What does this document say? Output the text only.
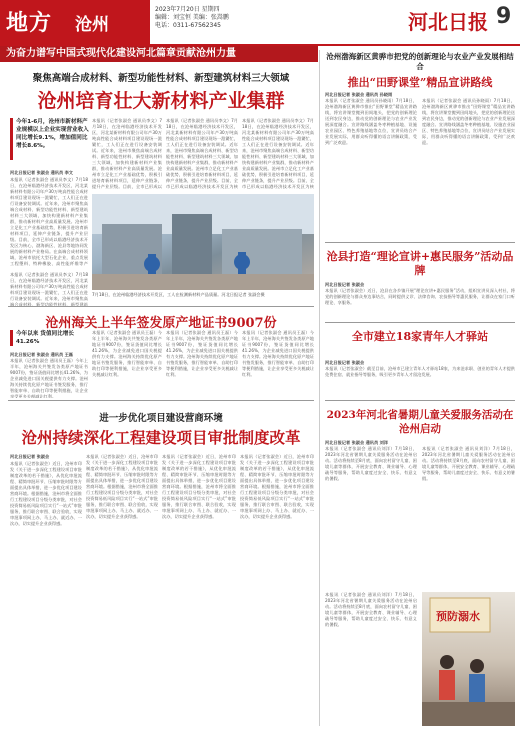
地方 沧州
2023年7月20日 星期四
编辑：刘宝恒 美编：张嵩鹏
电话：0311-67562345	河北日报 9
为奋力谱写中国式现代化建设河北篇章贡献沧州力量
聚焦高端合成材料、新型功能性材料、新型建筑材料三大领域
沧州培育壮大新材料产业集群
今年1-6月，沧州市新材料产业规模以上企业实现营业收入同比增长9.1%，增加值同比增长8.6%。
河北日报记者 张淑会 通讯员 李文
本报讯（记者张淑会 通讯员李文）7月18日，在沧州临港经济技术开发区，河北某新材料有限公司年产30万吨高性能合成材料项目建设现场一派繁忙，工人们正在进行设备安装调试。近年来，沧州市聚焦高端合成材料、新型功能性材料、新型建筑材料三大领域，加快构建新材料产业集群，推动新材料产业高质量发展。沧州市立足化工产业基础优势，积极引进培育新材料项目，延伸产业链条，提升产业层级。目前，全市已形成以临港经济技术开发区为核心，渤海新区、沧县等地协同发展的新材料产业格局。在高端合成材料领域，沧州市依托大型石化企业，重点发展工程塑料、特种橡胶、高性能纤维等产
本报讯（记者张淑会 通讯员李文）7月18日，在沧州临港经济技术开发区，河北某新材料有限公司年产30万吨高性能合成材料项目建设现场一派繁忙，工人们正在进行设备安装调试。近年来，沧州市聚焦高端合成材料、新型功能性材料、新型建筑材料三大领域，加快构建新材料产业集群，推动新材料产业高质量发展。沧州市立足化工产业基础优势，积极引进培育新材料项目，延伸产业链条，提升产业层级。目前，全市已形成以
本报讯（记者张淑会 通讯员李文）7月18日，在沧州临港经济技术开发区，河北某新材料有限公司年产30万吨高性能合成材料项目建设现场一派繁忙，工人们正在进行设备安装调试。近年来，沧州市聚焦高端合成材料、新型功能性材料、新型建筑材料三大领域，加快构建新材料产业集群，推动新材料产业高质量发展。沧州市立足化工产业基础优势，积极引进培育新材料项目，延伸产业链条，提升产业层级。目前，全市已形成以临港经济技术开发区为核
本报讯（记者张淑会 通讯员李文）7月18日，在沧州临港经济技术开发区，河北某新材料有限公司年产30万吨高性能合成材料项目建设现场一派繁忙，工人们正在进行设备安装调试。近年来，沧州市聚焦高端合成材料、新型功能性材料、新型建筑材料三大领域，加快构建新材料产业集群，推动新材料产业高质量发展。沧州市立足化工产业基础优势，积极引进培育新材料项目，延伸产业链条，提升产业层级。目前，全市已形成以临港经济技术开发区为核
7月18日，在沧州临港经济技术开发区，工人在检测新材料产品质量。河北日报记者 张淑会摄
本报讯（记者张淑会 通讯员李文）7月18日，在沧州临港经济技术开发区，河北某新材料有限公司年产30万吨高性能合成材料项目建设现场一派繁忙，工人们正在进行设备安装调试。近年来，沧州市聚焦高端合成材料、新型功能性材料、新型建筑
沧州海关上半年签发原产地证书9007份
今年以来 货值同比增长41.26%
河北日报记者 张淑会 通讯员 王磊
本报讯（记者张淑会 通讯员王磊）今年上半年，沧州海关共签发各类原产地证书9007份，签证货值同比增长41.26%，为企业减免进口国关税提供有力支撑。沧州海关持续优化原产地证书签发服务，推行智能审单、自助打印等便利措施，让企业享受更多关税减让红利。
本报讯（记者张淑会 通讯员王磊）今年上半年，沧州海关共签发各类原产地证书9007份，签证货值同比增长41.26%，为企业减免进口国关税提供有力支撑。沧州海关持续优化原产地证书签发服务，推行智能审单、自助打印等便利措施，让企业享受更多关税减让红利。
本报讯（记者张淑会 通讯员王磊）今年上半年，沧州海关共签发各类原产地证书9007份，签证货值同比增长41.26%，为企业减免进口国关税提供有力支撑。沧州海关持续优化原产地证书签发服务，推行智能审单、自助打印等便利措施，让企业享受更多关税减让红利。
本报讯（记者张淑会 通讯员王磊）今年上半年，沧州海关共签发各类原产地证书9007份，签证货值同比增长41.26%，为企业减免进口国关税提供有力支撑。沧州海关持续优化原产地证书签发服务，推行智能审单、自助打印等便利措施，让企业享受更多关税减让红利。
进一步优化项目建设营商环境
沧州持续深化工程建设项目审批制度改革
河北日报记者 张淑会
本报讯（记者张淑会）近日，沧州市印发《关于进一步深化工程建设项目审批制度改革的若干措施》，从优化审批流程、精简审批环节、压缩审批时限等方面提出具体举措，进一步优化项目建设营商环境。根据措施，沧州市将全面推行工程建设项目分级分类审批，对社会投资简易低风险项目实行“一站式”审批服务，推行联合审图、联合验收，实现审批事项网上办、马上办、就近办、一次办，切实提升企业获得感。
本报讯（记者张淑会）近日，沧州市印发《关于进一步深化工程建设项目审批制度改革的若干措施》，从优化审批流程、精简审批环节、压缩审批时限等方面提出具体举措，进一步优化项目建设营商环境。根据措施，沧州市将全面推行工程建设项目分级分类审批，对社会投资简易低风险项目实行“一站式”审批服务，推行联合审图、联合验收，实现审批事项网上办、马上办、就近办、一次办，切实提升企业获得感。
本报讯（记者张淑会）近日，沧州市印发《关于进一步深化工程建设项目审批制度改革的若干措施》，从优化审批流程、精简审批环节、压缩审批时限等方面提出具体举措，进一步优化项目建设营商环境。根据措施，沧州市将全面推行工程建设项目分级分类审批，对社会投资简易低风险项目实行“一站式”审批服务，推行联合审图、联合验收，实现审批事项网上办、马上办、就近办、一次办，切实提升企业获得感。
本报讯（记者张淑会）近日，沧州市印发《关于进一步深化工程建设项目审批制度改革的若干措施》，从优化审批流程、精简审批环节、压缩审批时限等方面提出具体举措，进一步优化项目建设营商环境。根据措施，沧州市将全面推行工程建设项目分级分类审批，对社会投资简易低风险项目实行“一站式”审批服务，推行联合审图、联合验收，实现审批事项网上办、马上办、就近办、一次办，切实提升企业获得感。
沧州渤海新区黄骅市把党的创新理论与农业产业发展相结合
推出“田野课堂”精品宣讲路线
河北日报记者 张淑会 通讯员 孙晓雨
本报讯（记者张淑会 通讯员孙晓雨）7月18日，沧州渤海新区黄骅市推出“田野课堂”精品宣讲路线，将宣讲课堂搬到田间地头，把党的创新理论送到农民身边，推动党的创新理论与农业产业发展深度融合。宣讲路线涵盖冬枣种植基地、设施农业园区、特色养殖基地等点位，宣讲员结合产业发展实际，用群众听得懂的语言讲解政策，受到广泛欢迎。
本报讯（记者张淑会 通讯员孙晓雨）7月18日，沧州渤海新区黄骅市推出“田野课堂”精品宣讲路线，将宣讲课堂搬到田间地头，把党的创新理论送到农民身边，推动党的创新理论与农业产业发展深度融合。宣讲路线涵盖冬枣种植基地、设施农业园区、特色养殖基地等点位，宣讲员结合产业发展实际，用群众听得懂的语言讲解政策，受到广泛欢迎。
沧县打造“理论宣讲+惠民服务”活动品牌
河北日报记者 张淑会
本报讯（记者张淑会）近日，沧县在各乡镇开展“理论宣讲+惠民服务”活动，组织宣讲员深入村社，将党的创新理论与群众身边事结合，同时提供义诊、法律咨询、农技指导等惠民服务，让群众在家门口听理论、享服务。
全市建立18家青年人才驿站
河北日报记者 张淑会
本报讯（记者张淑会）截至目前，沧州市已建立青年人才驿站18家，为来沧求职、创业的青年人才提供免费住宿、就业指导等服务，吸引更多青年人才留沧发展。
2023年河北省暑期儿童关爱服务活动在沧州启动
河北日报记者 张淑会 通讯员 刘洋
本报讯（记者张淑会 通讯员刘洋）7月18日，2023年河北省暑期儿童关爱服务活动在沧州启动。活动将持续至8月底，面向农村留守儿童、困境儿童等群体，开展安全教育、课业辅导、心理疏导等服务，帮助儿童度过安全、快乐、有意义的暑假。
本报讯（记者张淑会 通讯员刘洋）7月18日，2023年河北省暑期儿童关爱服务活动在沧州启动。活动将持续至8月底，面向农村留守儿童、困境儿童等群体，开展安全教育、课业辅导、心理疏导等服务，帮助儿童度过安全、快乐、有意义的暑假。
预防溺水
本报讯（记者张淑会 通讯员刘洋）7月18日，2023年河北省暑期儿童关爱服务活动在沧州启动。活动将持续至8月底，面向农村留守儿童、困境儿童等群体，开展安全教育、课业辅导、心理疏导等服务，帮助儿童度过安全、快乐、有意义的暑假。
